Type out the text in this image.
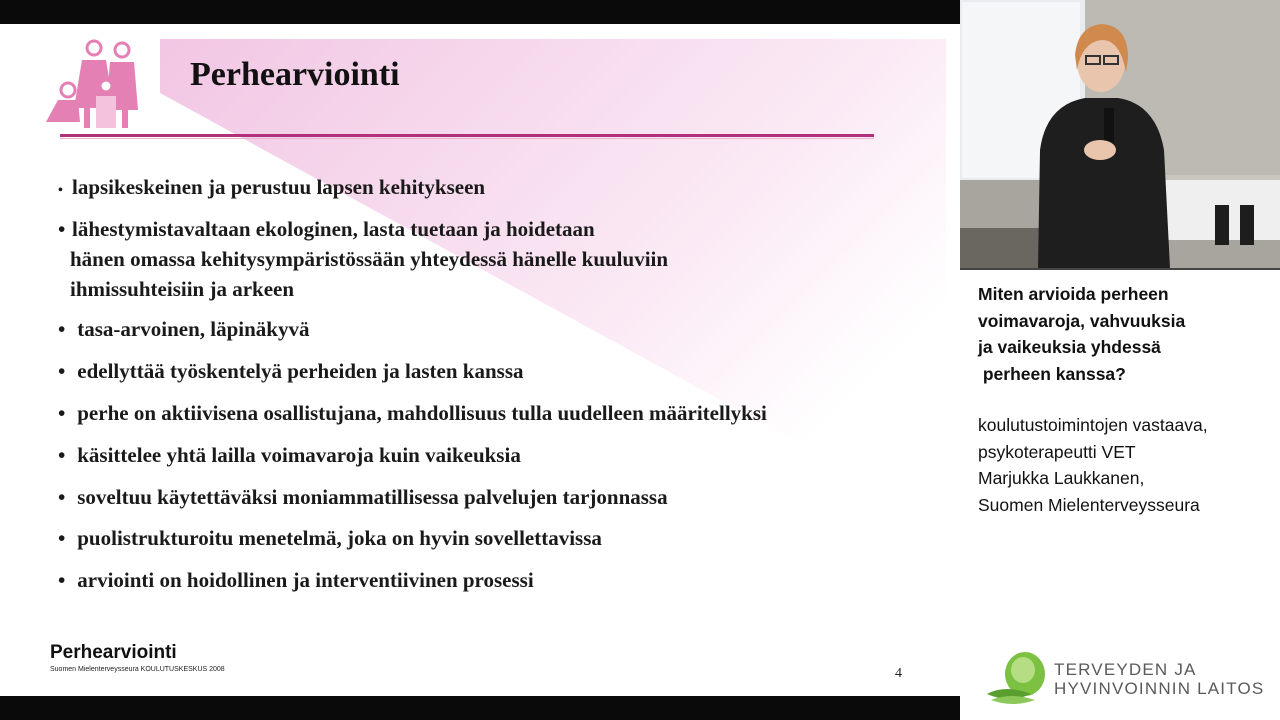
Perhearviointi
• lapsikeskeinen ja perustuu lapsen kehitykseen
• lähestymistavaltaan ekologinen, lasta tuetaan ja hoidetaan
hänen omassa kehitysympäristössään yhteydessä hänelle kuuluviin
ihmissuhteisiin ja arkeen
• tasa-arvoinen, läpinäkyvä
• edellyttää työskentelyä perheiden ja lasten kanssa
• perhe on aktiivisena osallistujana, mahdollisuus tulla uudelleen määritellyksi
• käsittelee yhtä lailla voimavaroja kuin vaikeuksia
• soveltuu käytettäväksi moniammatillisessa palvelujen tarjonnassa
• puolistrukturoitu menetelmä, joka on hyvin sovellettavissa
• arviointi on hoidollinen ja interventiivinen prosessi
Perhearviointi
Suomen Mielenterveysseura KOULUTUSKESKUS 2008	4
Miten arvioida perheen
voimavaroja, vahvuuksia
ja vaikeuksia yhdessä
perheen kanssa?
koulutustoimintojen vastaava,
psykoterapeutti VET
Marjukka Laukkanen,
Suomen Mielenterveysseura
TERVEYDEN JA
HYVINVOINNIN LAITOS
